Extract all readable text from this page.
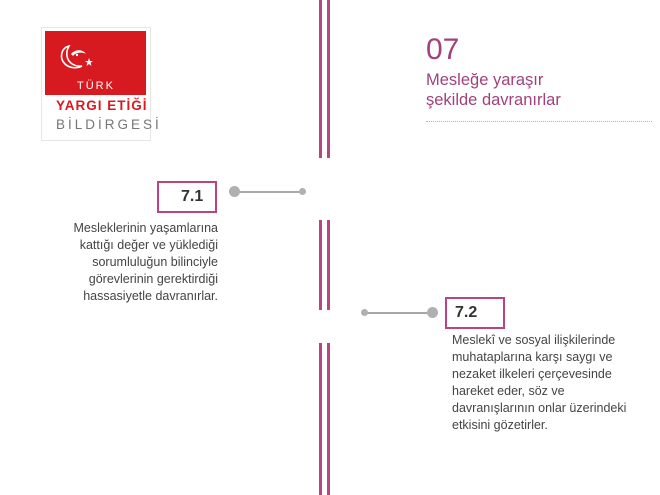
TÜRK
YARGI ETİĞİ
BİLDİRGESİ
07
Mesleğe yaraşır
şekilde davranırlar
7.1
Mesleklerinin yaşamlarına kattığı değer ve yüklediği sorumluluğun bilinciyle görevlerinin gerektirdiği hassasiyetle davranırlar.
7.2
Meslekî ve sosyal ilişkilerinde muhataplarına karşı saygı ve nezaket ilkeleri çerçevesinde hareket eder, söz ve davranışlarının onlar üzerindeki etkisini gözetirler.
